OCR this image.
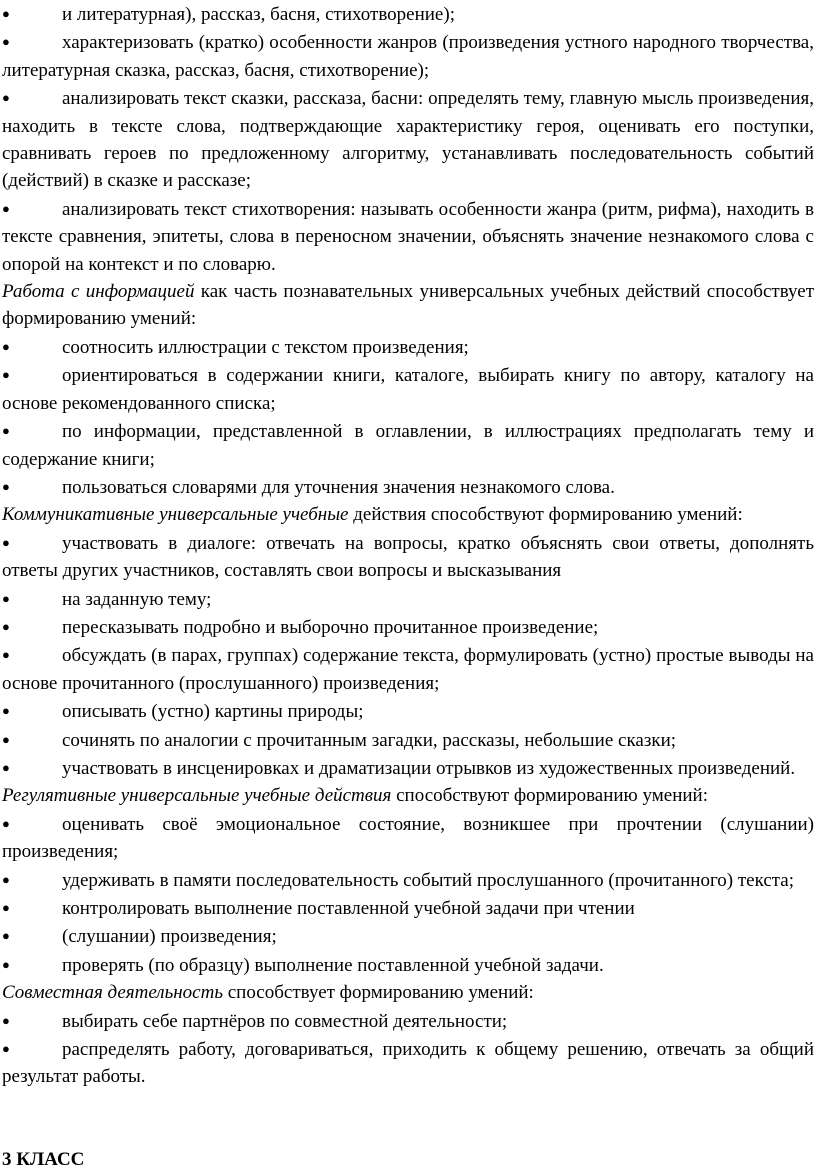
●и литературная), рассказ, басня, стихотворение);

●характеризовать (кратко) особенности жанров (произведения устного народного творчества, литературная сказка, рассказ, басня, стихотворение);

●анализировать текст сказки, рассказа, басни: определять тему, главную мысль произведения, находить в тексте слова, подтверждающие характеристику героя, оценивать его поступки, сравнивать героев по предложенному алгоритму, устанавливать последовательность событий (действий) в сказке и рассказе;

●анализировать текст стихотворения: называть особенности жанра (ритм, рифма), находить в тексте сравнения, эпитеты, слова в переносном значении, объяснять значение незнакомого слова с опорой на контекст и по словарю.

Работа с информацией как часть познавательных универсальных учебных действий способствует формированию умений:

●соотносить иллюстрации с текстом произведения;

●ориентироваться в содержании книги, каталоге, выбирать книгу по автору, каталогу на основе рекомендованного списка;

●по информации, представленной в оглавлении, в иллюстрациях предполагать тему и содержание книги;

●пользоваться словарями для уточнения значения незнакомого слова.

Коммуникативные универсальные учебные действия способствуют формированию умений:

●участвовать в диалоге: отвечать на вопросы, кратко объяснять свои ответы, дополнять ответы других участников, составлять свои вопросы и высказывания

●на заданную тему;

●пересказывать подробно и выборочно прочитанное произведение;

●обсуждать (в парах, группах) содержание текста, формулировать (устно) простые выводы на основе прочитанного (прослушанного) произведения;

●описывать (устно) картины природы;

●сочинять по аналогии с прочитанным загадки, рассказы, небольшие сказки;

●участвовать в инсценировках и драматизации отрывков из художественных произведений.

Регулятивные универсальные учебные действия способствуют формированию умений:

●оценивать своё эмоциональное состояние, возникшее при прочтении (слушании) произведения;

●удерживать в памяти последовательность событий прослушанного (прочитанного) текста;

●контролировать выполнение поставленной учебной задачи при чтении

●(слушании) произведения;

●проверять (по образцу) выполнение поставленной учебной задачи.

Совместная деятельность способствует формированию умений:

●выбирать себе партнёров по совместной деятельности;

●распределять работу, договариваться, приходить к общему решению, отвечать за общий результат работы.

3 КЛАСС
